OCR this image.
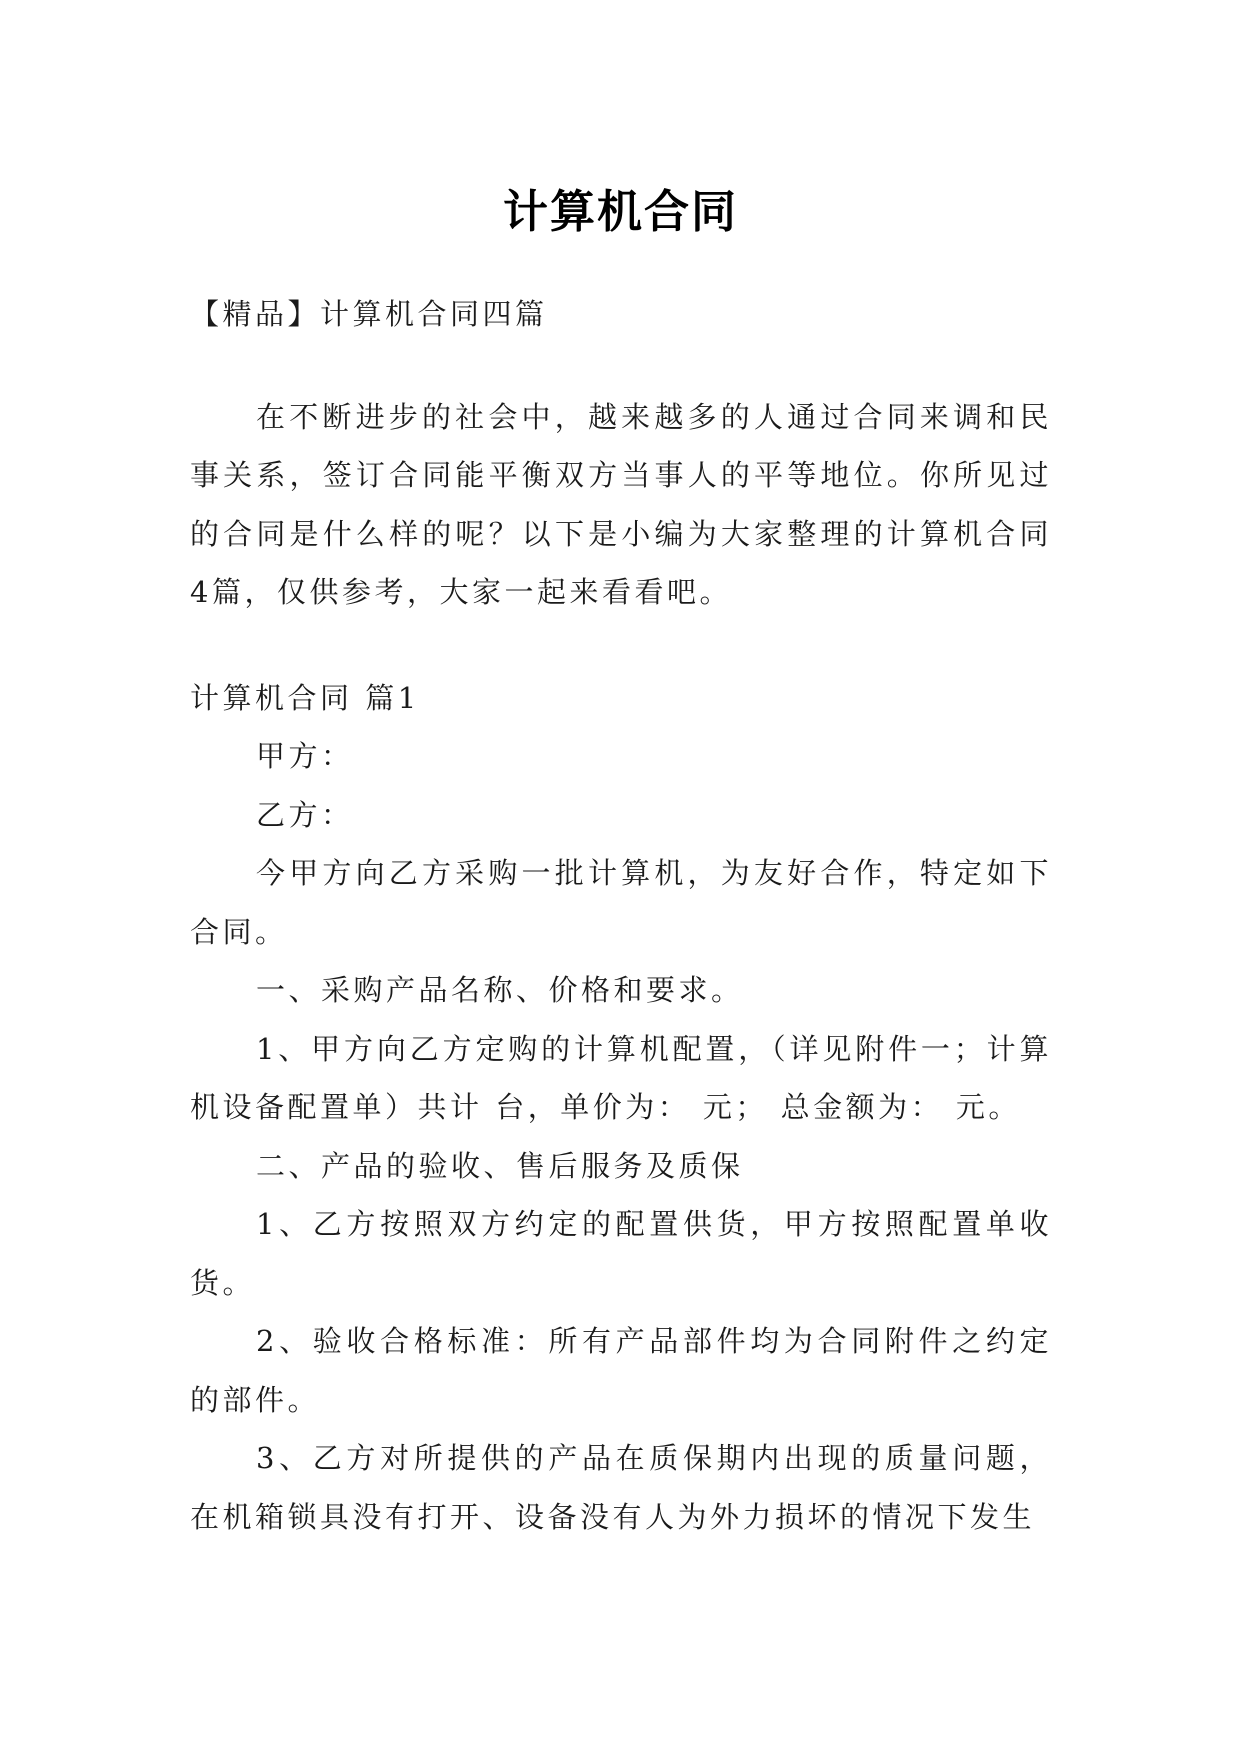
计算机合同

【精品】计算机合同四篇

在不断进步的社会中，越来越多的人通过合同来调和民事关系，签订合同能平衡双方当事人的平等地位。你所见过的合同是什么样的呢？以下是小编为大家整理的计算机合同4篇，仅供参考，大家一起来看看吧。

计算机合同 篇1

甲方：

乙方：

今甲方向乙方采购一批计算机，为友好合作，特定如下合同。

一、采购产品名称、价格和要求。

1、甲方向乙方定购的计算机配置，（详见附件一；计算机设备配置单）共计 台，单价为： 元； 总金额为： 元。

二、产品的验收、售后服务及质保

1、乙方按照双方约定的配置供货，甲方按照配置单收货。

2、验收合格标准：所有产品部件均为合同附件之约定的部件。

3、乙方对所提供的产品在质保期内出现的质量问题，在机箱锁具没有打开、设备没有人为外力损坏的情况下发生
